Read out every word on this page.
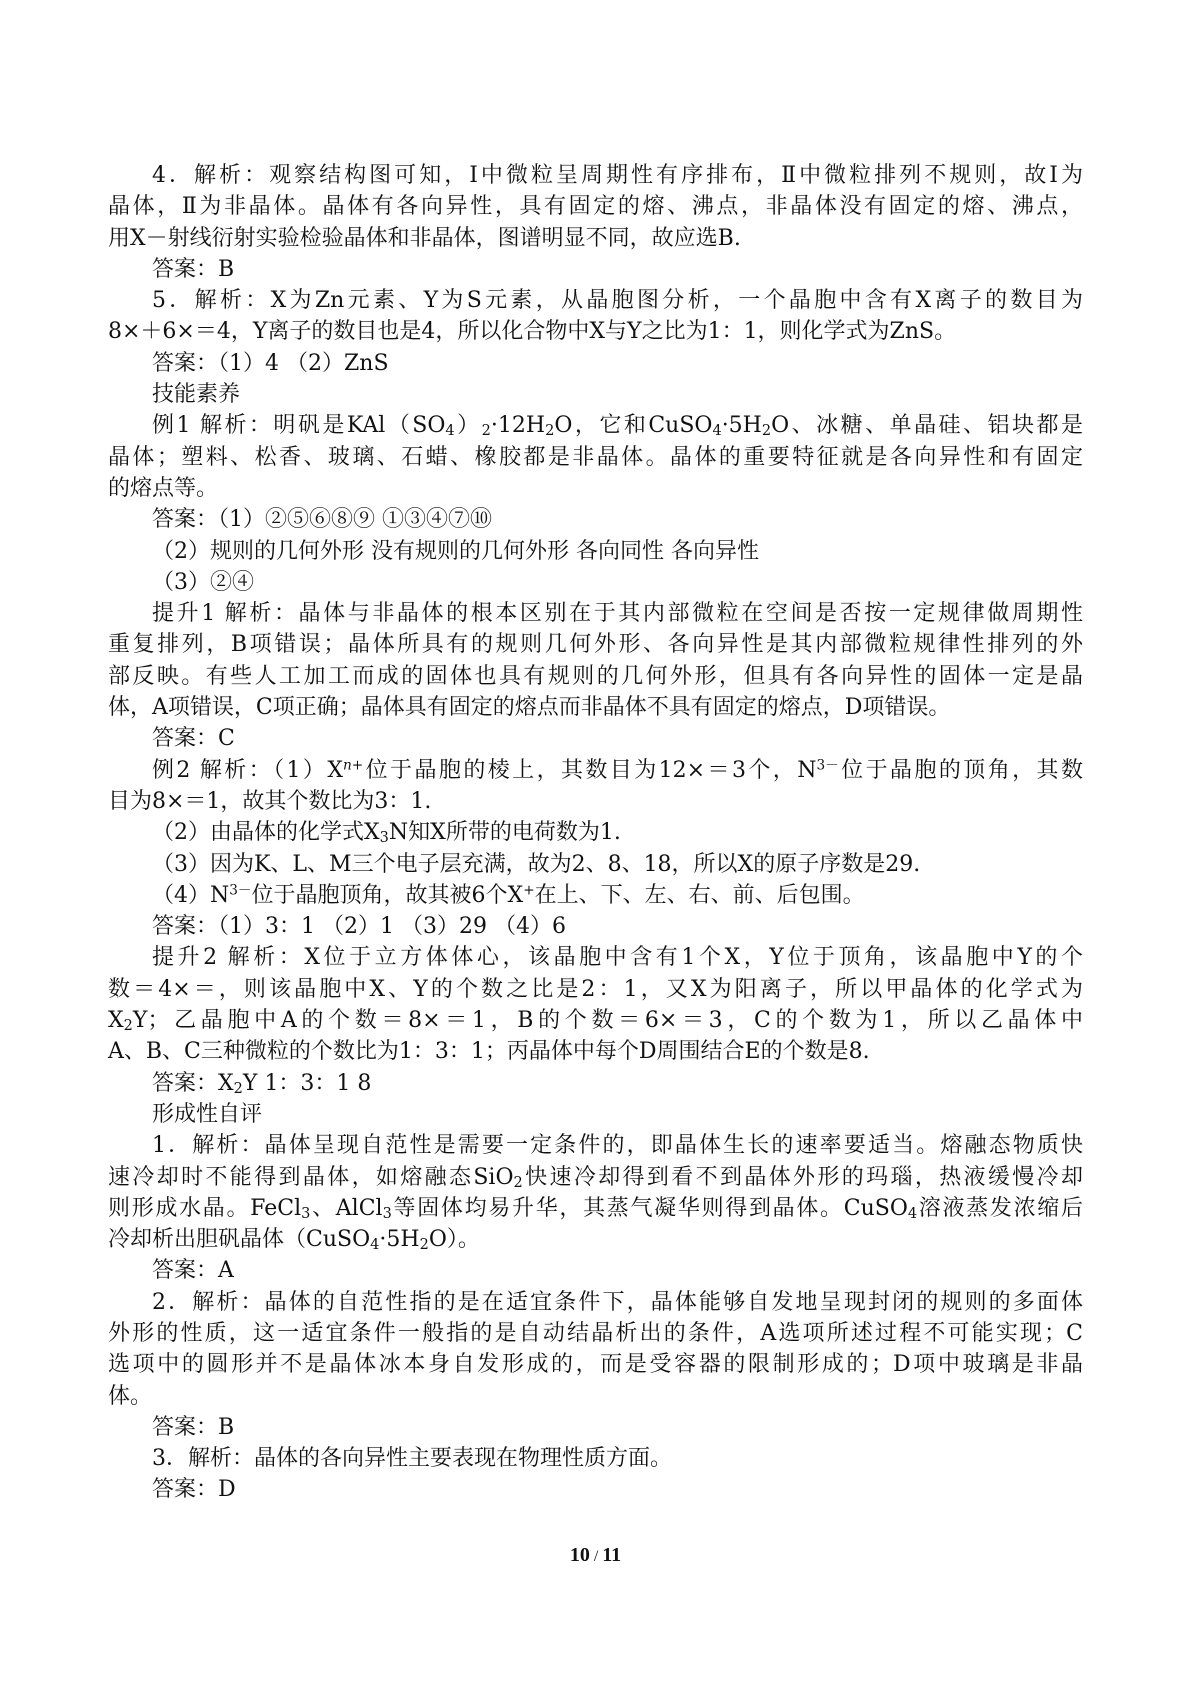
4．解析：观察结构图可知，Ⅰ中微粒呈周期性有序排布，Ⅱ中微粒排列不规则，故Ⅰ为
晶体，Ⅱ为非晶体。晶体有各向异性，具有固定的熔、沸点，非晶体没有固定的熔、沸点，
用X－射线衍射实验检验晶体和非晶体，图谱明显不同，故应选B.
答案：B
5．解析：X为Zn元素、Y为S元素，从晶胞图分析，一个晶胞中含有X离子的数目为
8×＋6×＝4，Y离子的数目也是4，所以化合物中X与Y之比为1：1，则化学式为ZnS。
答案：（1）4 （2）ZnS
技能素养
例1 解析：明矾是$KAl(SO_4)_2\cdot 12H_2O$，它和$CuSO_4\cdot 5H_2O$、冰糖、单晶硅、铝块都是
晶体；塑料、松香、玻璃、石蜡、橡胶都是非晶体。晶体的重要特征就是各向异性和有固定
的熔点等。
答案：（1）②⑤⑥⑧⑨ ①③④⑦⑩
（2）规则的几何外形 没有规则的几何外形 各向同性 各向异性
（3）②④
提升1 解析：晶体与非晶体的根本区别在于其内部微粒在空间是否按一定规律做周期性
重复排列，B项错误；晶体所具有的规则几何外形、各向异性是其内部微粒规律性排列的外
部反映。有些人工加工而成的固体也具有规则的几何外形，但具有各向异性的固体一定是晶
体，A项错误，C项正确；晶体具有固定的熔点而非晶体不具有固定的熔点，D项错误。
答案：C
例2 解析：$(1)X^{n+}$位于晶胞的棱上，其数目为12×＝3个，$N^{3-}$位于晶胞的顶角，其数
目为8×＝1，故其个数比为3：1.
（2）由晶体的化学式$X_3N$知X所带的电荷数为1.
（3）因为K、L、M三个电子层充满，故为2、8、18，所以X的原子序数是29.
$(4)N^{3-}$位于晶胞顶角，故其被6个X+在上、下、左、右、前、后包围。
答案：（1）3：1 （2）1 （3）29 （4）6
提升2 解析：X位于立方体体心，该晶胞中含有1个X，Y位于顶角，该晶胞中Y的个
数＝4×＝，则该晶胞中X、Y的个数之比是2：1，又X为阳离子，所以甲晶体的化学式为
$X_2Y$；乙晶胞中A的个数＝8×＝1，B的个数＝6×＝3，C的个数为1，所以乙晶体中
A、B、C三种微粒的个数比为1：3：1；丙晶体中每个D周围结合E的个数是8.
答案：$X_2Y$ 1：3：1 8
形成性自评
1．解析：晶体呈现自范性是需要一定条件的，即晶体生长的速率要适当。熔融态物质快
速冷却时不能得到晶体，如熔融态SiO$_2$快速冷却得到看不到晶体外形的玛瑙，热液缓慢冷却
则形成水晶。FeCl$_3$、AlCl$_3$等固体均易升华，其蒸气凝华则得到晶体。CuSO$_4$溶液蒸发浓缩后
冷却析出胆矾晶体$(CuSO_4\cdot 5H_2O)$。
答案：A
2．解析：晶体的自范性指的是在适宜条件下，晶体能够自发地呈现封闭的规则的多面体
外形的性质，这一适宜条件一般指的是自动结晶析出的条件，A选项所述过程不可能实现；C
选项中的圆形并不是晶体冰本身自发形成的，而是受容器的限制形成的；D项中玻璃是非晶
体。
答案：B
3．解析：晶体的各向异性主要表现在物理性质方面。
答案：D
10 / 11
